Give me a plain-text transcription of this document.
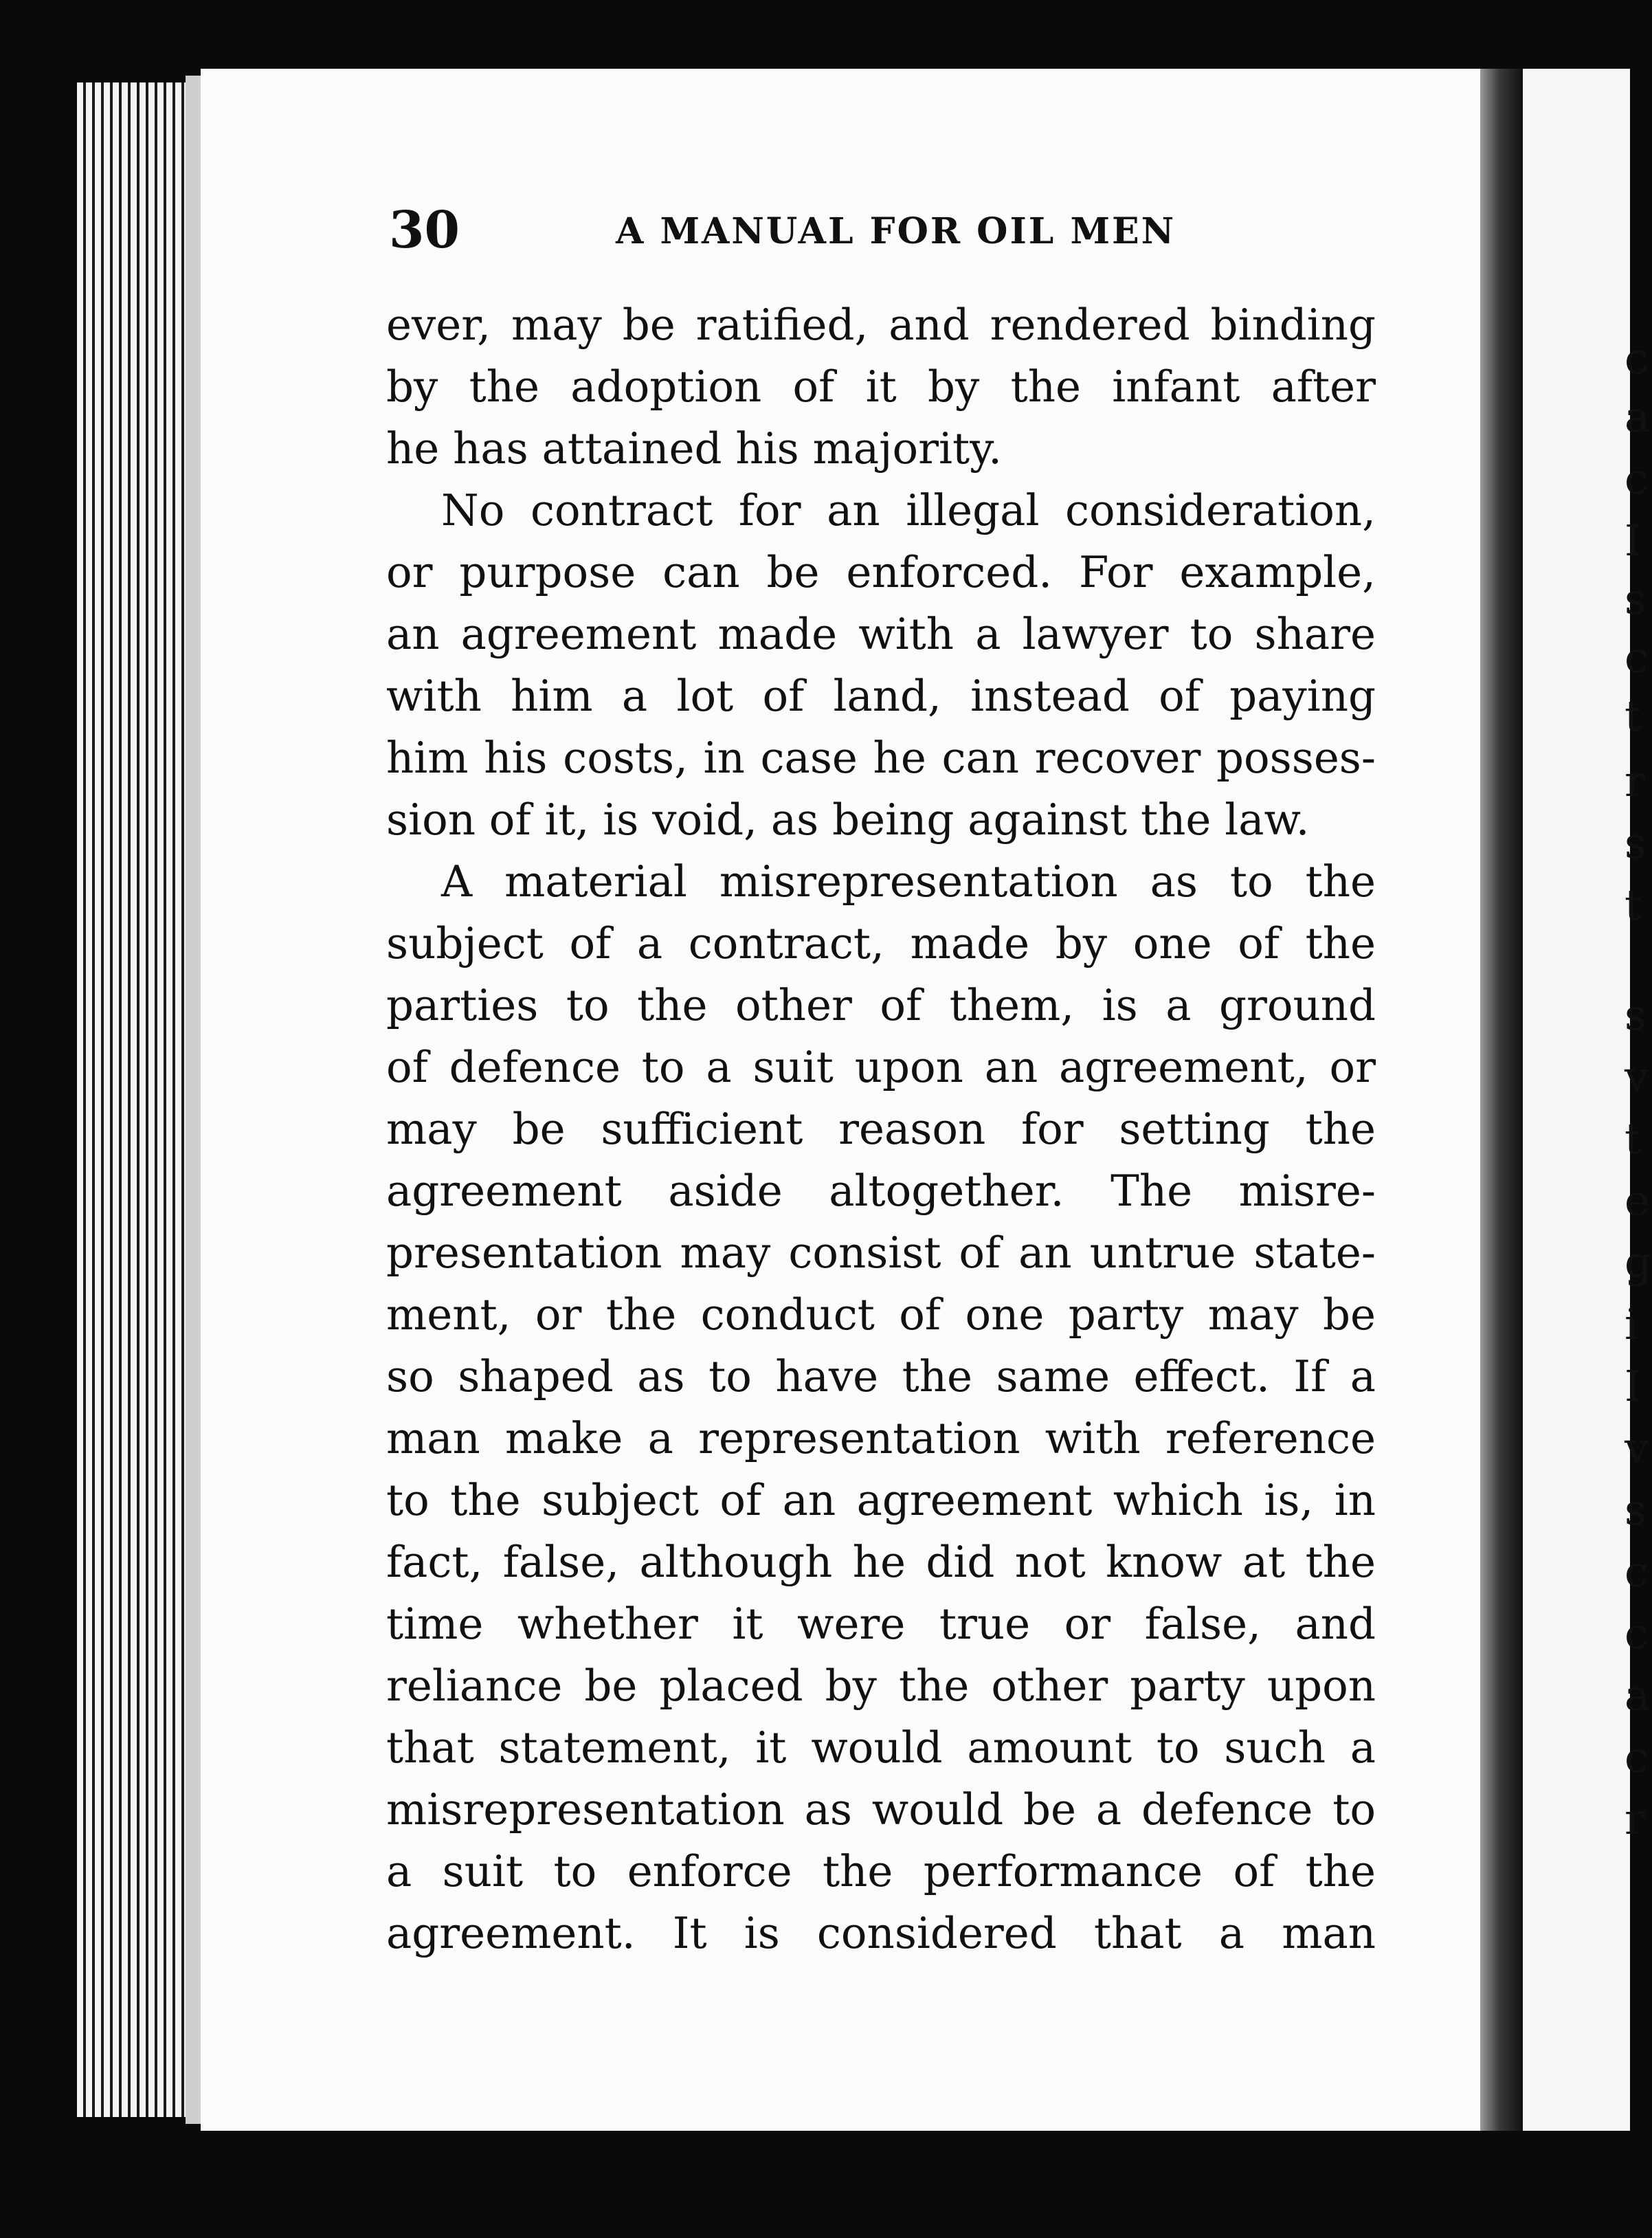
30	A MANUAL FOR OIL MEN
ever, may be ratified, and rendered binding
by the adoption of it by the infant after
he has attained his majority.
No contract for an illegal consideration,
or purpose can be enforced. For example,
an agreement made with a lawyer to share
with him a lot of land, instead of paying
him his costs, in case he can recover posses-
sion of it, is void, as being against the law.
A material misrepresentation as to the
subject of a contract, made by one of the
parties to the other of them, is a ground
of defence to a suit upon an agreement, or
may be sufficient reason for setting the
agreement aside altogether. The misre-
presentation may consist of an untrue state-
ment, or the conduct of one party may be
so shaped as to have the same effect. If a
man make a representation with reference
to the subject of an agreement which is, in
fact, false, although he did not know at the
time whether it were true or false, and
reliance be placed by the other party upon
that statement, it would amount to such a
misrepresentation as would be a defence to
a suit to enforce the performance of the
agreement. It is considered that a man
c
a
c
I
s
c
t
r
s
t
s
v
t
e
g
i
I
v
s
c
c
a
c
r
